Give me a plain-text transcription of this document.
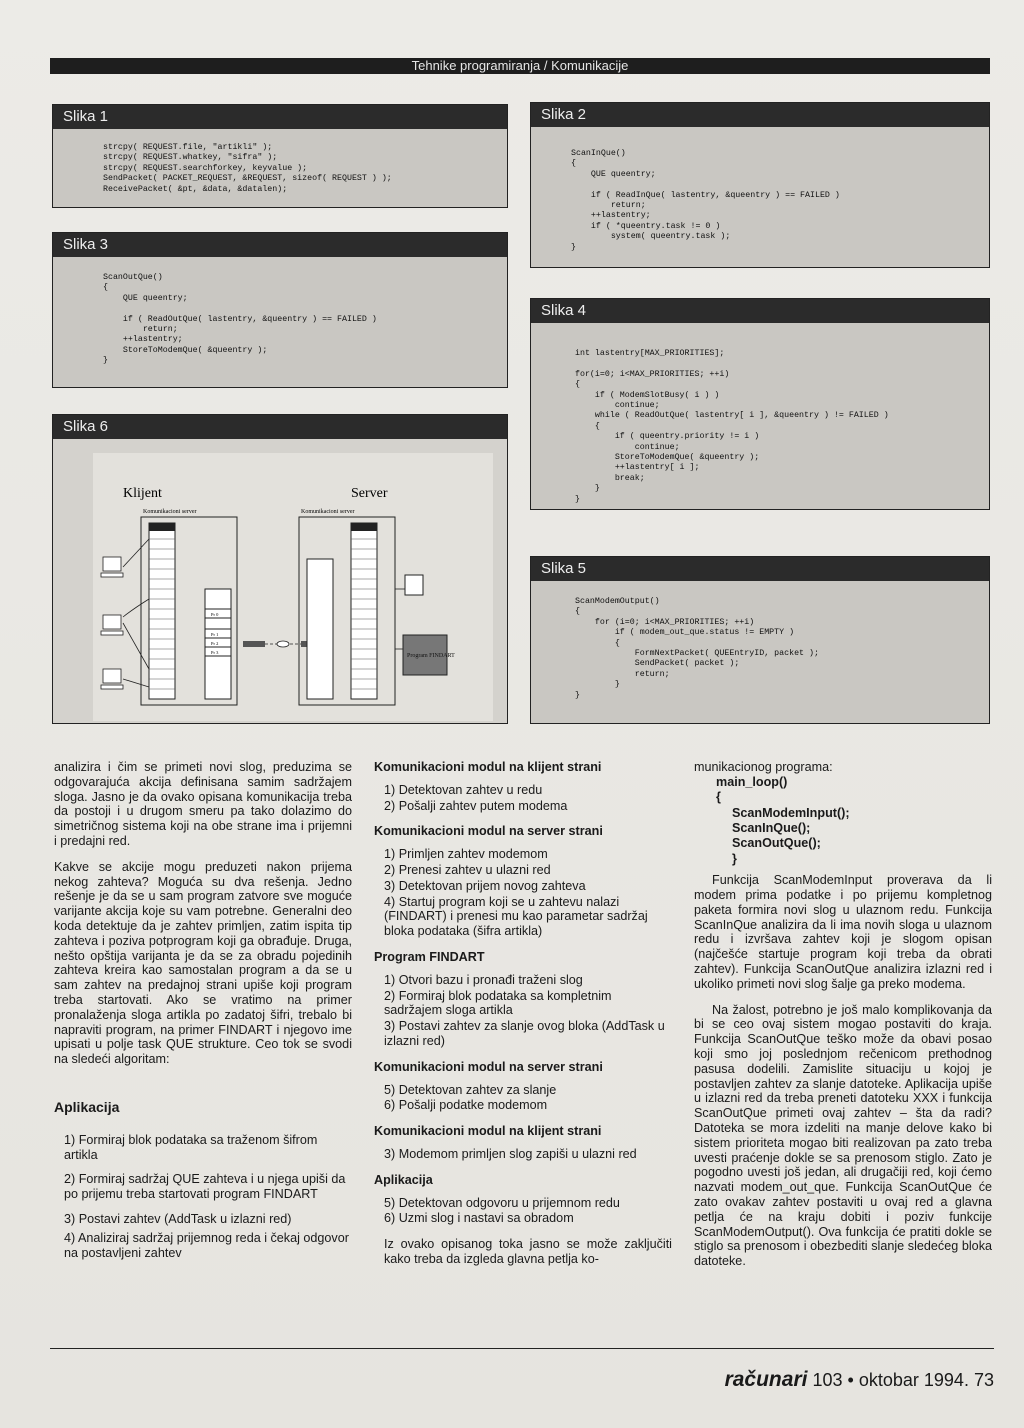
Tehnike programiranja / Komunikacije
Slika 1
strcpy( REQUEST.file, "artikli" );
strcpy( REQUEST.whatkey, "sifra" );
strcpy( REQUEST.searchforkey, keyvalue );
SendPacket( PACKET_REQUEST, &REQUEST, sizeof( REQUEST ) );
ReceivePacket( &pt, &data, &datalen);
Slika 2
ScanInQue()
{
QUE queentry;

if ( ReadInQue( lastentry, &queentry ) == FAILED )
return;
++lastentry;
if ( *queentry.task != 0 )
system( queentry.task );
}
Slika 3
ScanOutQue()
{
QUE queentry;

if ( ReadOutQue( lastentry, &queentry ) == FAILED )
return;
++lastentry;
StoreToModemQue( &queentry );
}
Slika 4
int lastentry[MAX_PRIORITIES];

for(i=0; i<MAX_PRIORITIES; ++i)
{
if ( ModemSlotBusy( i ) )
continue;
while ( ReadOutQue( lastentry[ i ], &queentry ) != FAILED )
{
if ( queentry.priority != i )
continue;
StoreToModemQue( &queentry );
++lastentry[ i ];
break;
}
}
Slika 5
ScanModemOutput()
{
for (i=0; i<MAX_PRIORITIES; ++i)
if ( modem_out_que.status != EMPTY )
{
FormNextPacket( QUEEntryID, packet );
SendPacket( packet );
return;
}
}
Slika 6
Klijent	Server
Komunikacioni server	Komunikacioni server
Pr 0
Pr 1
Pr 2
Pr 3
Program FINDART

analizira i čim se primeti novi slog, preduzima se odgovarajuća akcija definisana samim sadržajem sloga. Jasno je da ovako opisana komunikacija treba da postoji i u drugom smeru pa tako dolazimo do simetričnog sistema koji na obe strane ima i prijemni i predajni red.

Kakve se akcije mogu preduzeti nakon prijema nekog zahteva? Moguća su dva rešenja. Jedno rešenje je da se u sam program zatvore sve moguće varijante akcija koje su vam potrebne. Generalni deo koda detektuje da je zahtev primljen, zatim ispita tip zahteva i poziva potprogram koji ga obrađuje. Druga, nešto opštija varijanta je da se za obradu pojedinih zahteva kreira kao samostalan program a da se u sam zahtev na predajnoj strani upiše koji program treba startovati. Ako se vratimo na primer pronalaženja sloga artikla po zadatoj šifri, trebalo bi napraviti program, na primer FINDART i njegovo ime upisati u polje task QUE strukture. Ceo tok se svodi na sledeći algoritam:

Aplikacija
1) Formiraj blok podataka sa traženom šifrom artikla
2) Formiraj sadržaj QUE zahteva i u njega upiši da po prijemu treba startovati program FINDART
3) Postavi zahtev (AddTask u izlazni red)
4) Analiziraj sadržaj prijemnog reda i čekaj odgovor na postavljeni zahtev
Komunikacioni modul na klijent strani
1) Detektovan zahtev u redu
2) Pošalji zahtev putem modema
Komunikacioni modul na server strani
1) Primljen zahtev modemom
2) Prenesi zahtev u ulazni red
3) Detektovan prijem novog zahteva
4) Startuj program koji se u zahtevu nalazi (FINDART) i prenesi mu kao parametar sadržaj bloka podataka (šifra artikla)
Program FINDART
1) Otvori bazu i pronađi traženi slog
2) Formiraj blok podataka sa kompletnim sadržajem sloga artikla
3) Postavi zahtev za slanje ovog bloka (AddTask u izlazni red)
Komunikacioni modul na server strani
5) Detektovan zahtev za slanje
6) Pošalji podatke modemom
Komunikacioni modul na klijent strani
3) Modemom primljen slog zapiši u ulazni red
Aplikacija
5) Detektovan odgovoru u prijemnom redu
6) Uzmi slog i nastavi sa obradom

Iz ovako opisanog toka jasno se može zaključiti kako treba da izgleda glavna petlja ko-

munikacionog programa:

main_loop()
{
ScanModemInput();
ScanInQue();
ScanOutQue();
}

Funkcija ScanModemInput proverava da li modem prima podatke i po prijemu kompletnog paketa formira novi slog u ulaznom redu. Funkcija ScanInQue analizira da li ima novih sloga u ulaznom redu i izvršava zahtev koji je slogom opisan (najčešće startuje program koji treba da obrati zahtev). Funkcija ScanOutQue analizira izlazni red i ukoliko primeti novi slog šalje ga preko modema.

Na žalost, potrebno je još malo komplikovanja da bi se ceo ovaj sistem mogao postaviti do kraja. Funkcija ScanOutQue teško može da obavi posao koji smo joj poslednjom rečenicom prethodnog pasusa dodelili. Zamislite situaciju u kojoj je postavljen zahtev za slanje datoteke. Aplikacija upiše u izlazni red da treba preneti datoteku XXX i funkcija ScanOutQue primeti ovaj zahtev – šta da radi? Datoteka se mora izdeliti na manje delove kako bi sistem prioriteta mogao biti realizovan pa zato treba uvesti praćenje dokle se sa prenosom stiglo. Zato je pogodno uvesti još jedan, ali drugačiji red, koji ćemo nazvati modem_out_que. Funkcija ScanOutQue će zato ovakav zahtev postaviti u ovaj red a glavna petlja će na kraju dobiti i poziv funkcije ScanModemOutput(). Ova funkcija će pratiti dokle se stiglo sa prenosom i obezbediti slanje sledećeg bloka datoteke.

računari 103 • oktobar 1994. 73
